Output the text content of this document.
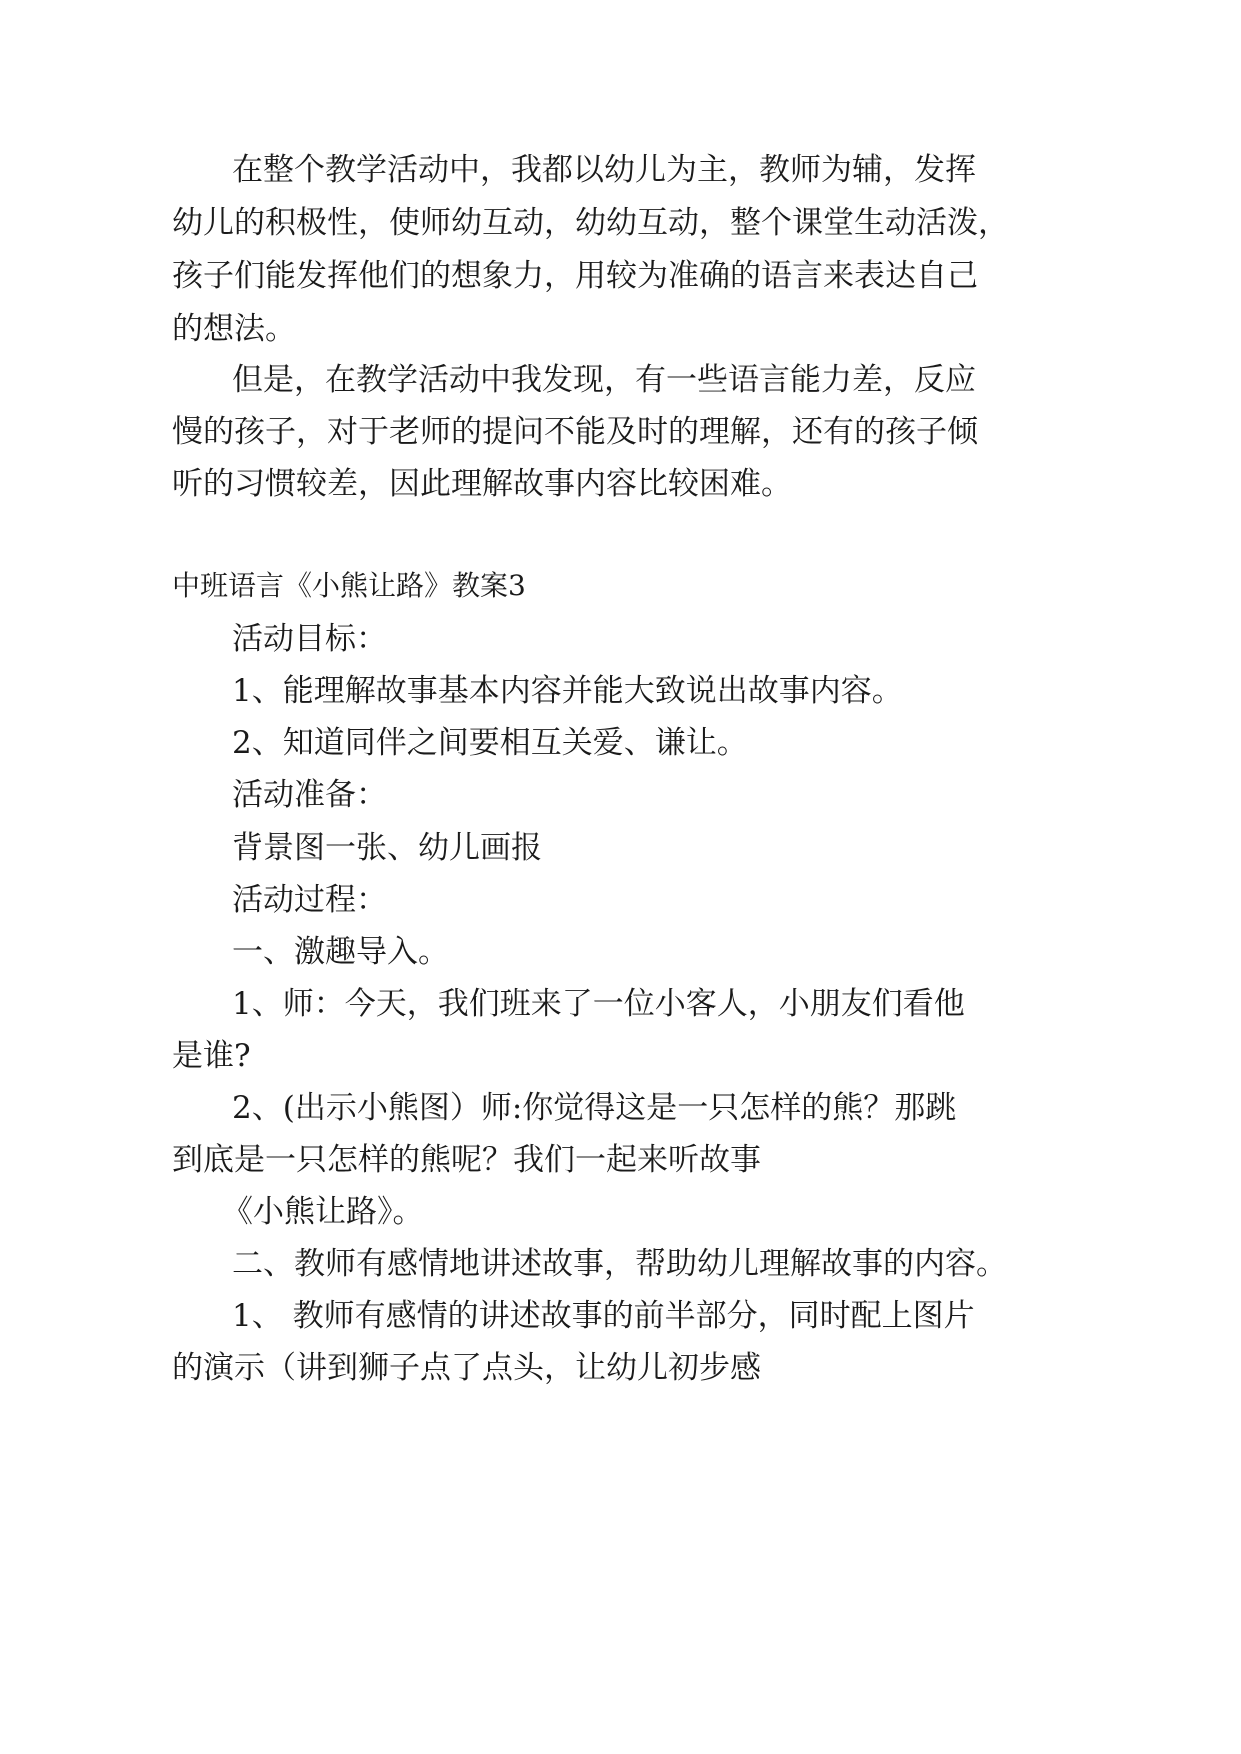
在整个教学活动中，我都以幼儿为主，教师为辅，发挥
幼儿的积极性，使师幼互动，幼幼互动，整个课堂生动活泼，
孩子们能发挥他们的想象力，用较为准确的语言来表达自己
的想法。
但是，在教学活动中我发现，有一些语言能力差，反应
慢的孩子，对于老师的提问不能及时的理解，还有的孩子倾
听的习惯较差，因此理解故事内容比较困难。
中班语言《小熊让路》教案3
活动目标：
1、能理解故事基本内容并能大致说出故事内容。
2、知道同伴之间要相互关爱、谦让。
活动准备：
背景图一张、幼儿画报
活动过程：
一、激趣导入。
1、师：今天，我们班来了一位小客人，小朋友们看他
是谁?
2、(出示小熊图）师:你觉得这是一只怎样的熊？那跳
到底是一只怎样的熊呢？我们一起来听故事
《小熊让路》。
二、教师有感情地讲述故事，帮助幼儿理解故事的内容。
1、 教师有感情的讲述故事的前半部分，同时配上图片
的演示（讲到狮子点了点头，让幼儿初步感
